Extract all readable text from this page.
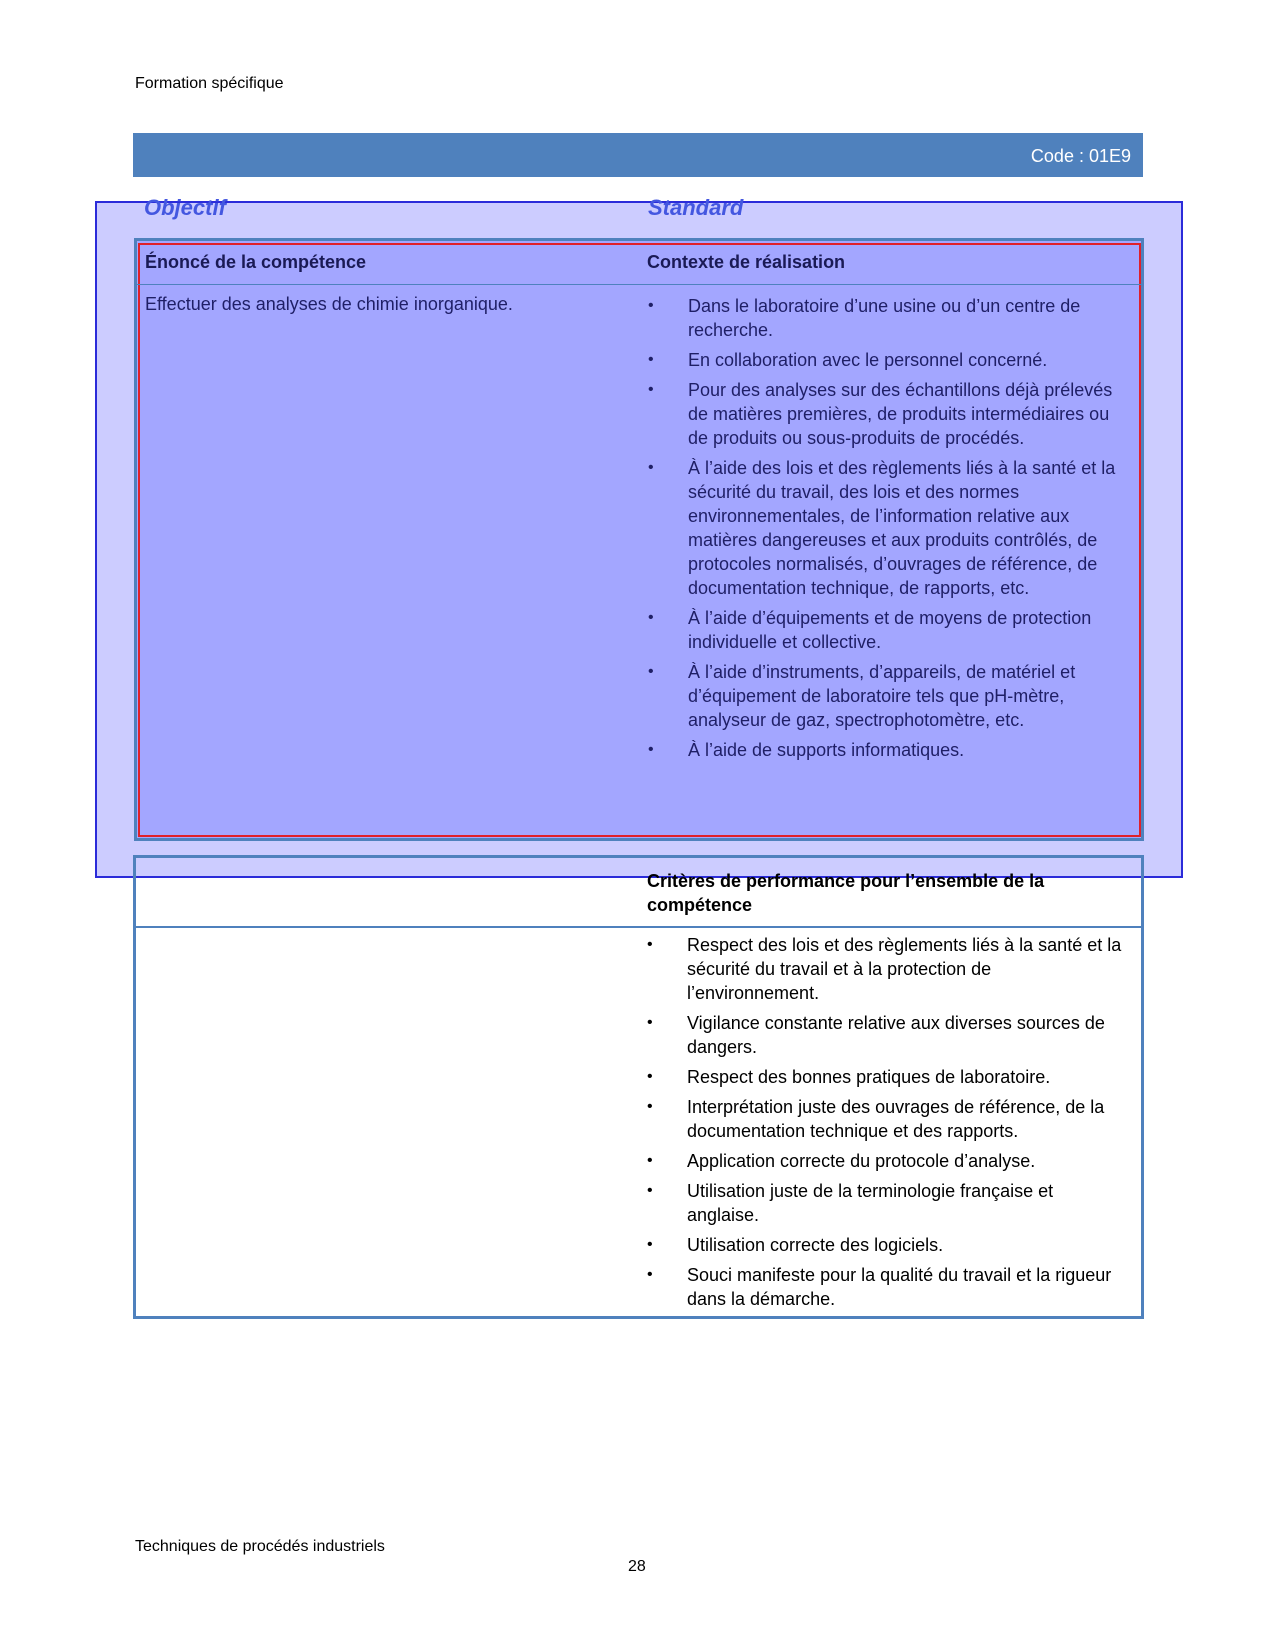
Formation spécifique
Code : 01E9
Objectif	Standard
Énoncé de la compétence	Contexte de réalisation
Effectuer des analyses de chimie inorganique.	•	Dans le laboratoire d’une usine ou d’un centre de recherche.
•	En collaboration avec le personnel concerné.
•	Pour des analyses sur des échantillons déjà prélevés de matières premières, de produits intermédiaires ou de produits ou sous-produits de procédés.
•	À l’aide des lois et des règlements liés à la santé et la sécurité du travail, des lois et des normes environnementales, de l’information relative aux matières dangereuses et aux produits contrôlés, de protocoles normalisés, d’ouvrages de référence, de documentation technique, de rapports, etc.
•	À l’aide d’équipements et de moyens de protection individuelle et collective.
•	À l’aide d’instruments, d’appareils, de matériel et d’équipement de laboratoire tels que pH-mètre, analyseur de gaz, spectrophotomètre, etc.
•	À l’aide de supports informatiques.
Critères de performance pour l’ensemble de la compétence
•	Respect des lois et des règlements liés à la santé et la sécurité du travail et à la protection de l’environnement.
•	Vigilance constante relative aux diverses sources de dangers.
•	Respect des bonnes pratiques de laboratoire.
•	Interprétation juste des ouvrages de référence, de la documentation technique et des rapports.
•	Application correcte du protocole d’analyse.
•	Utilisation juste de la terminologie française et anglaise.
•	Utilisation correcte des logiciels.
•	Souci manifeste pour la qualité du travail et la rigueur dans la démarche.
Techniques de procédés industriels
28
